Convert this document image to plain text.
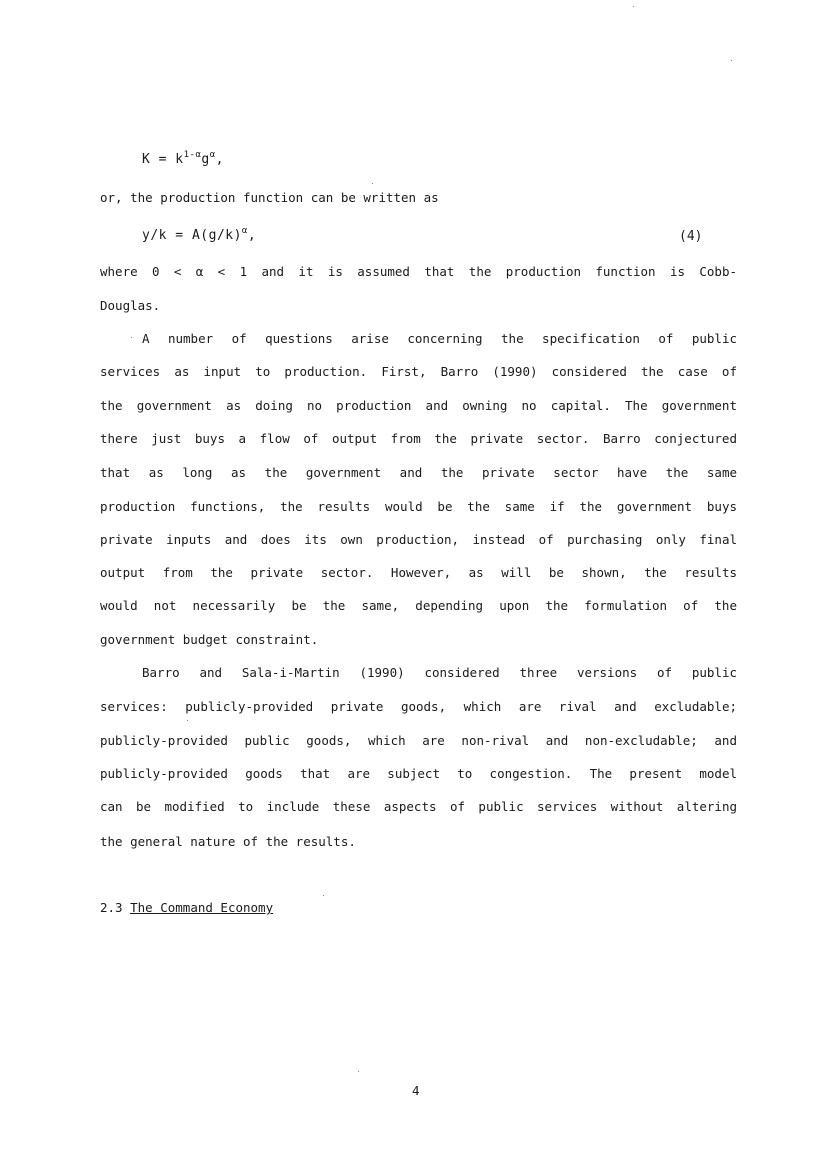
$K = k^{1-\alpha}g^\alpha$,
or, the production function can be written as
$y/k = A(g/k)^\alpha$,	(4)
where 0 < α < 1 and it is assumed that the production function is Cobb-
Douglas.
A number of questions arise concerning the specification of public
services as input to production. First, Barro (1990) considered the case of
the government as doing no production and owning no capital. The government
there just buys a flow of output from the private sector. Barro conjectured
that as long as the government and the private sector have the same
production functions, the results would be the same if the government buys
private inputs and does its own production, instead of purchasing only final
output from the private sector. However, as will be shown, the results
would not necessarily be the same, depending upon the formulation of the
government budget constraint.
Barro and Sala-i-Martin (1990) considered three versions of public
services: publicly-provided private goods, which are rival and excludable;
publicly-provided public goods, which are non-rival and non-excludable; and
publicly-provided goods that are subject to congestion. The present model
can be modified to include these aspects of public services without altering
the general nature of the results.
2.3 The Command Economy
4
